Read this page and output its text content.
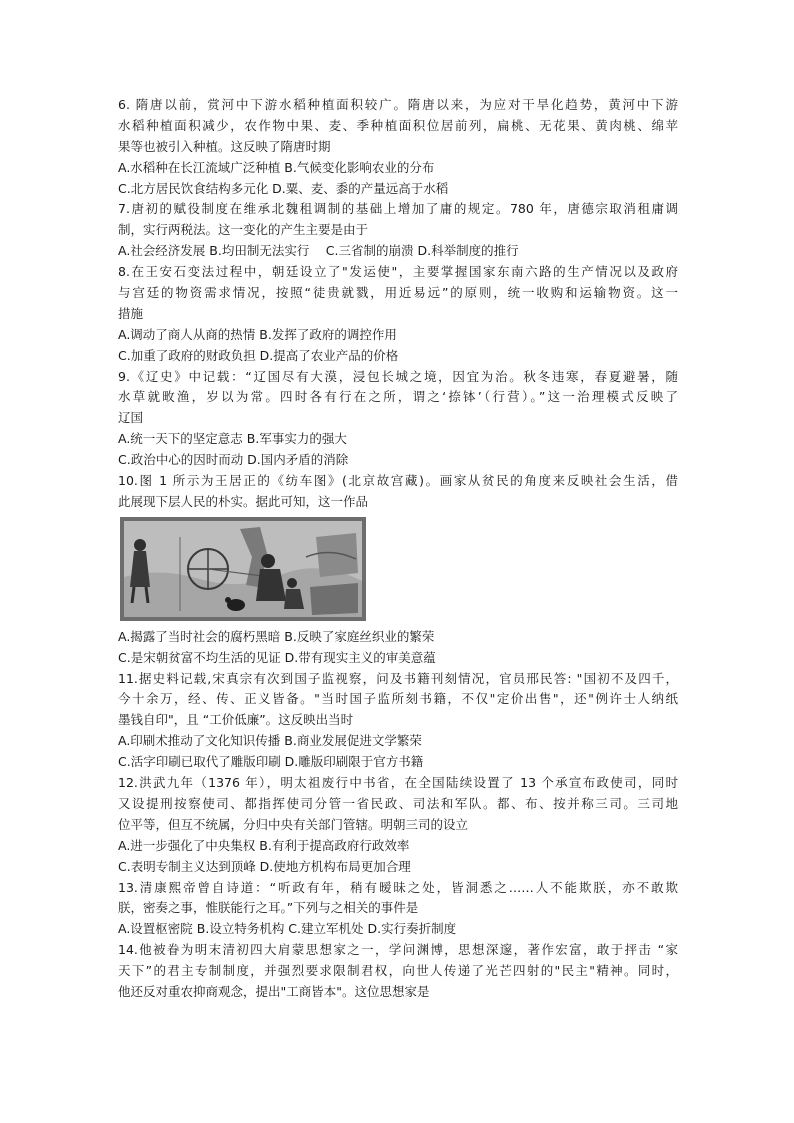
6. 隋唐以前，赏河中下游水稻种植面积较广。隋唐以来，为应对干旱化趋势，黄河中下游
水稻种植面积减少，农作物中果、麦、季种植面积位居前列，扁桃、无花果、黄肉桃、绵苹
果等也被引入种植。这反映了隋唐时期
A.水稻种在长江流域广泛种植 B.气候变化影响农业的分布
C.北方居民饮食结构多元化 D.粟、麦、黍的产量远高于水稻
7.唐初的赋役制度在维承北魏租调制的基础上增加了庸的规定。780 年，唐德宗取消租庸调
制，实行两税法。这一变化的产生主要是由于
A.社会经济发展 B.均田制无法实行　 C.三省制的崩溃 D.科举制度的推行
8.在王安石变法过程中，朝廷设立了"发运使"，主要掌握国家东南六路的生产情况以及政府
与宫廷的物资需求情况，按照“徒贵就戮，用近易远”的原则，统一收购和运输物资。这一
措施
A.调动了商人从商的热情 B.发挥了政府的调控作用
C.加重了政府的财政负担 D.提高了农业产品的价格
9.《辽史》中记载：“辽国尽有大漠，浸包长城之境，因宜为治。秋冬违寒，春夏避暑，随
水草就畋渔，岁以为常。四时各有行在之所，谓之‘捺钵’（行营）。”这一治理模式反映了
辽国
A.统一天下的坚定意志 B.军事实力的强大
C.政治中心的因时而动 D.国内矛盾的消除
10.图 1 所示为王居正的《纺车图》(北京故宫藏)。画家从贫民的角度来反映社会生活，借
此展现下层人民的朴实。据此可知，这一作品
A.揭露了当时社会的腐朽黑暗 B.反映了家庭丝织业的繁荣
C.是宋朝贫富不均生活的见证 D.带有现实主义的审美意蕴
11.据史料记载,宋真宗有次到国子监视察，问及书籍刊刻情况，官员邢民答: "国初不及四千，
今十余万，经、传、正义皆备。"当时国子监所刻书籍，不仅"定价出售"，还"例许士人纳纸
墨钱自印"，且 “工价低廉”。这反映出当时
A.印刷术推动了文化知识传播 B.商业发展促进文学繁荣
C.活字印刷已取代了雕版印刷 D.雕版印刷限于官方书籍
12.洪武九年（1376 年），明太祖废行中书省，在全国陆续设置了 13 个承宣布政使司，同时
又设提刑按察使司、都指挥使司分管一省民政、司法和军队。都、布、按并称三司。三司地
位平等，但互不统属，分归中央有关部门管辖。明朝三司的设立
A.进一步强化了中央集权 B.有利于提高政府行政效率
C.表明专制主义达到顶峰 D.使地方机构布局更加合理
13.清康熙帝曾自诗道：“听政有年，稍有暧昧之处，皆洞悉之……人不能欺朕，亦不敢欺
朕，密奏之事，惟朕能行之耳。”下列与之相关的事件是
A.设置枢密院 B.设立特务机构 C.建立军机处 D.实行奏折制度
14.他被眷为明末清初四大肩蒙思想家之一，学问渊博，思想深邃，著作宏富，敢于抨击 “家
天下”的君主专制制度，并强烈要求限制君权，向世人传递了光芒四射的"民主"精神。同时，
他还反对重农抑商观念，提出"工商皆本"。这位思想家是
